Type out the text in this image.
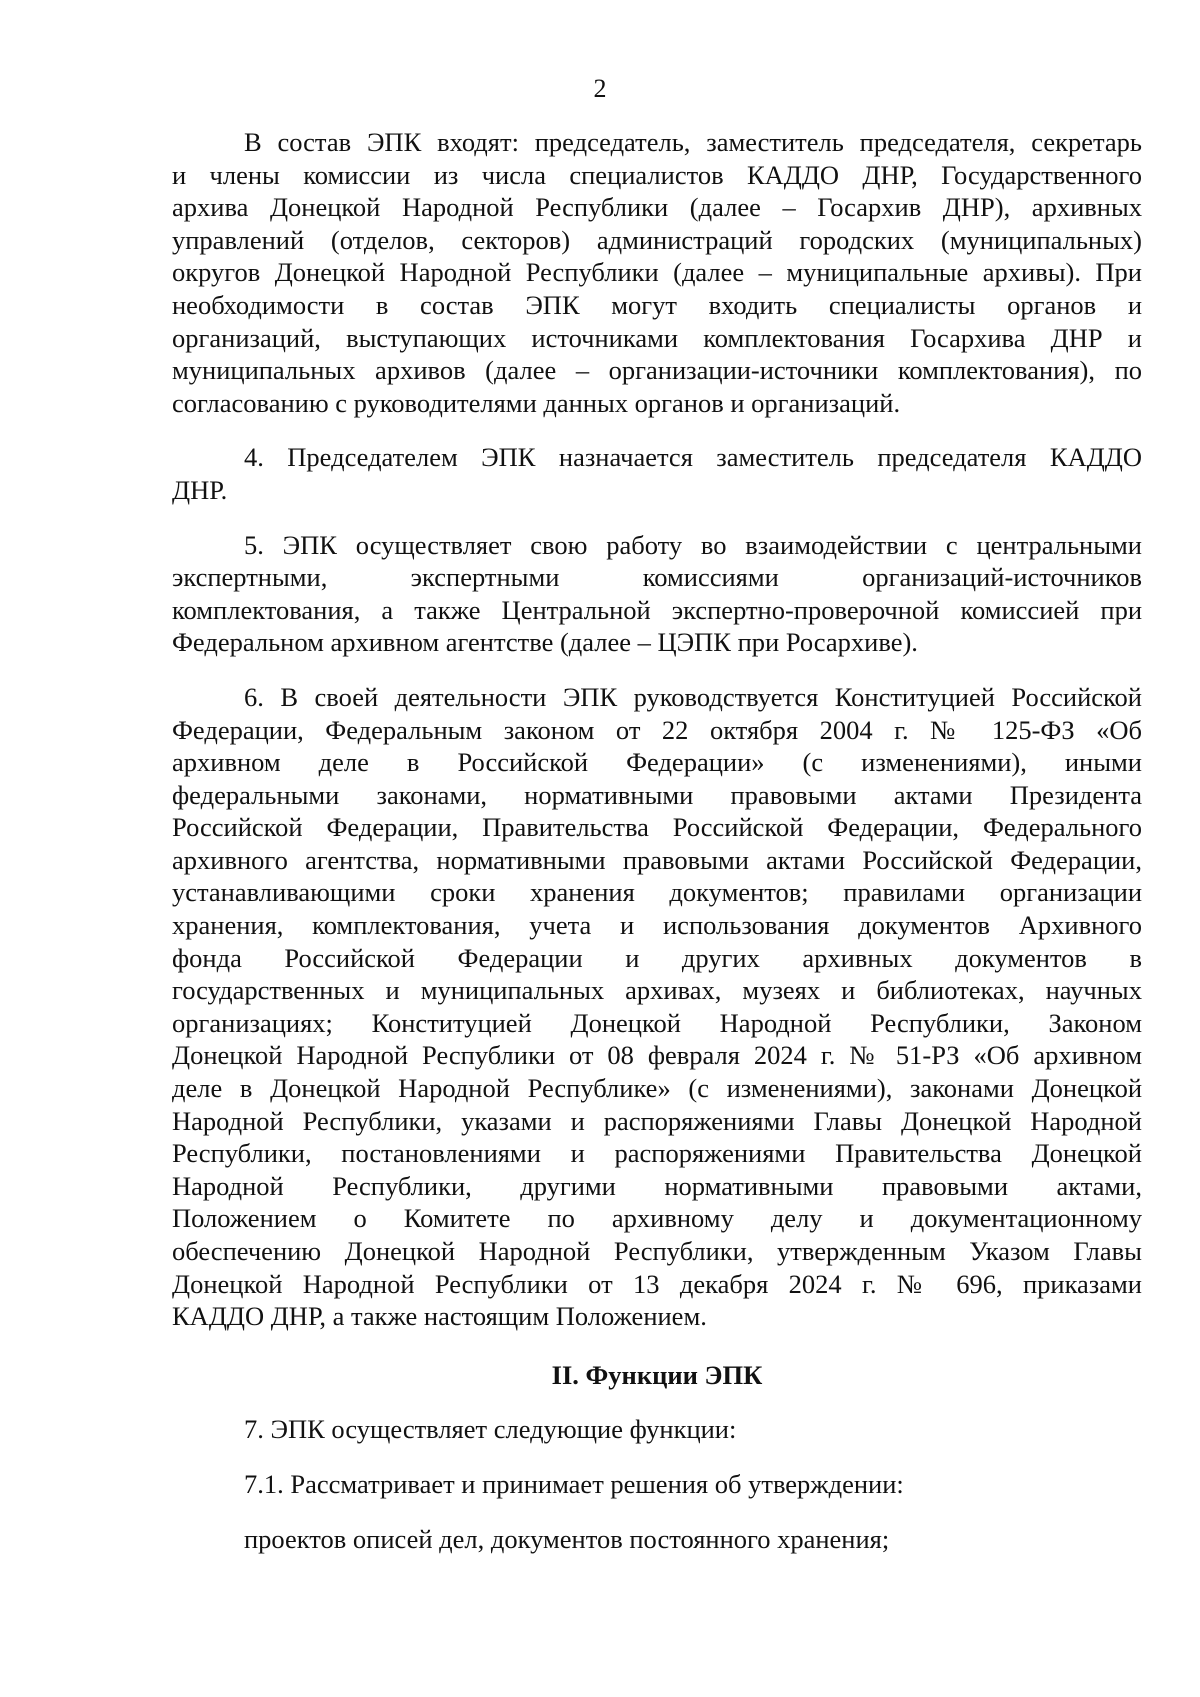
2
В состав ЭПК входят: председатель, заместитель председателя, секретарь
и члены комиссии из числа специалистов КАДДО ДНР, Государственного
архива Донецкой Народной Республики (далее – Госархив ДНР), архивных
управлений (отделов, секторов) администраций городских (муниципальных)
округов Донецкой Народной Республики (далее – муниципальные архивы). При
необходимости в состав ЭПК могут входить специалисты органов и
организаций, выступающих источниками комплектования Госархива ДНР и
муниципальных архивов (далее – организации-источники комплектования), по
согласованию с руководителями данных органов и организаций.
4. Председателем ЭПК назначается заместитель председателя КАДДО
ДНР.
5. ЭПК осуществляет свою работу во взаимодействии с центральными
экспертными, экспертными комиссиями организаций-источников
комплектования, а также Центральной экспертно-проверочной комиссией при
Федеральном архивном агентстве (далее – ЦЭПК при Росархиве).
6. В своей деятельности ЭПК руководствуется Конституцией Российской
Федерации, Федеральным законом от 22 октября 2004 г. № 125-ФЗ «Об
архивном деле в Российской Федерации» (с изменениями), иными
федеральными законами, нормативными правовыми актами Президента
Российской Федерации, Правительства Российской Федерации, Федерального
архивного агентства, нормативными правовыми актами Российской Федерации,
устанавливающими сроки хранения документов; правилами организации
хранения, комплектования, учета и использования документов Архивного
фонда Российской Федерации и других архивных документов в
государственных и муниципальных архивах, музеях и библиотеках, научных
организациях; Конституцией Донецкой Народной Республики, Законом
Донецкой Народной Республики от 08 февраля 2024 г. № 51-РЗ «Об архивном
деле в Донецкой Народной Республике» (с изменениями), законами Донецкой
Народной Республики, указами и распоряжениями Главы Донецкой Народной
Республики, постановлениями и распоряжениями Правительства Донецкой
Народной Республики, другими нормативными правовыми актами,
Положением о Комитете по архивному делу и документационному
обеспечению Донецкой Народной Республики, утвержденным Указом Главы
Донецкой Народной Республики от 13 декабря 2024 г. № 696, приказами
КАДДО ДНР, а также настоящим Положением.
II. Функции ЭПК

7. ЭПК осуществляет следующие функции:

7.1. Рассматривает и принимает решения об утверждении:

проектов описей дел, документов постоянного хранения;
